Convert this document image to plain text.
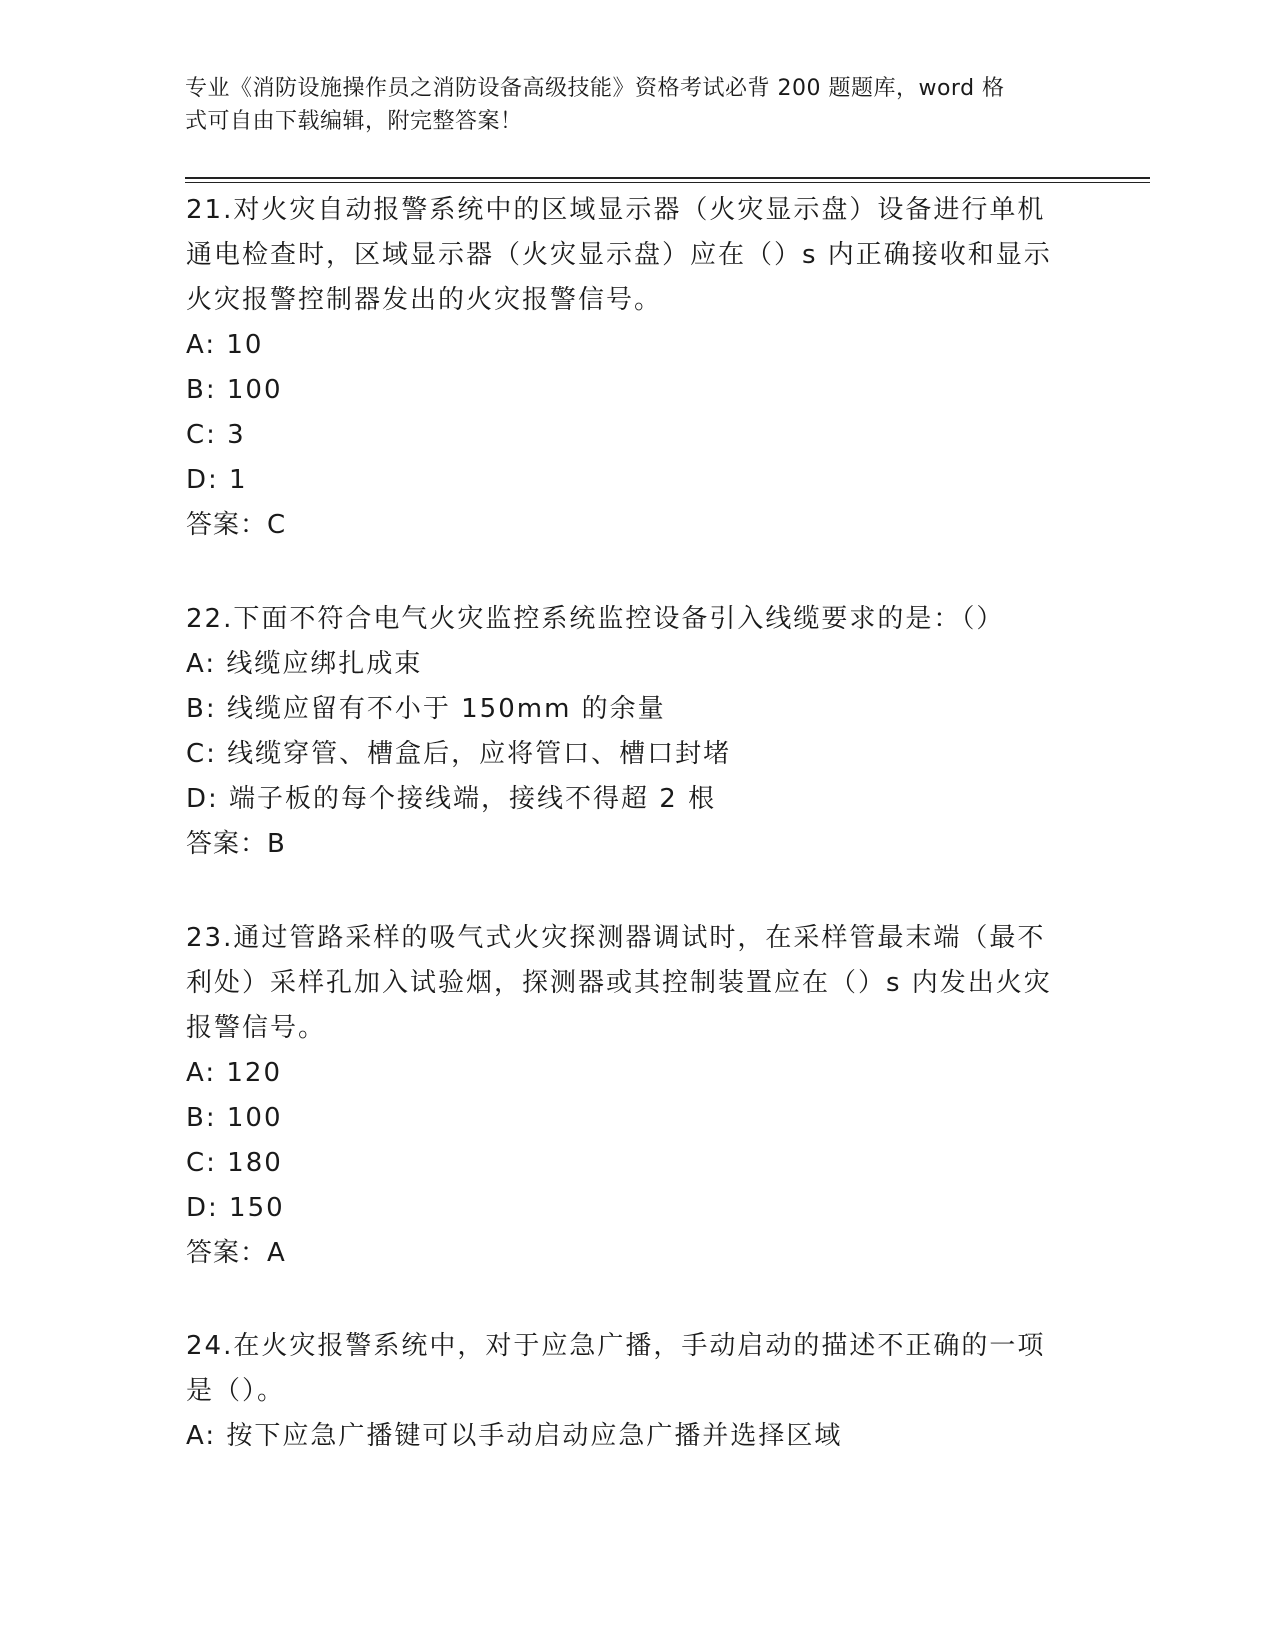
专业《消防设施操作员之消防设备高级技能》资格考试必背 200 题题库，word 格
式可自由下载编辑，附完整答案！

21.对火灾自动报警系统中的区域显示器（火灾显示盘）设备进行单机

通电检查时，区域显示器（火灾显示盘）应在（）s 内正确接收和显示

火灾报警控制器发出的火灾报警信号。

A: 10

B: 100

C: 3

D: 1

答案：C

22.下面不符合电气火灾监控系统监控设备引入线缆要求的是：（）

A: 线缆应绑扎成束

B: 线缆应留有不小于 150mm 的余量

C: 线缆穿管、槽盒后，应将管口、槽口封堵

D: 端子板的每个接线端，接线不得超 2 根

答案：B

23.通过管路采样的吸气式火灾探测器调试时，在采样管最末端（最不

利处）采样孔加入试验烟，探测器或其控制装置应在（）s 内发出火灾

报警信号。

A: 120

B: 100

C: 180

D: 150

答案：A

24.在火灾报警系统中，对于应急广播，手动启动的描述不正确的一项

是（）。

A: 按下应急广播键可以手动启动应急广播并选择区域
